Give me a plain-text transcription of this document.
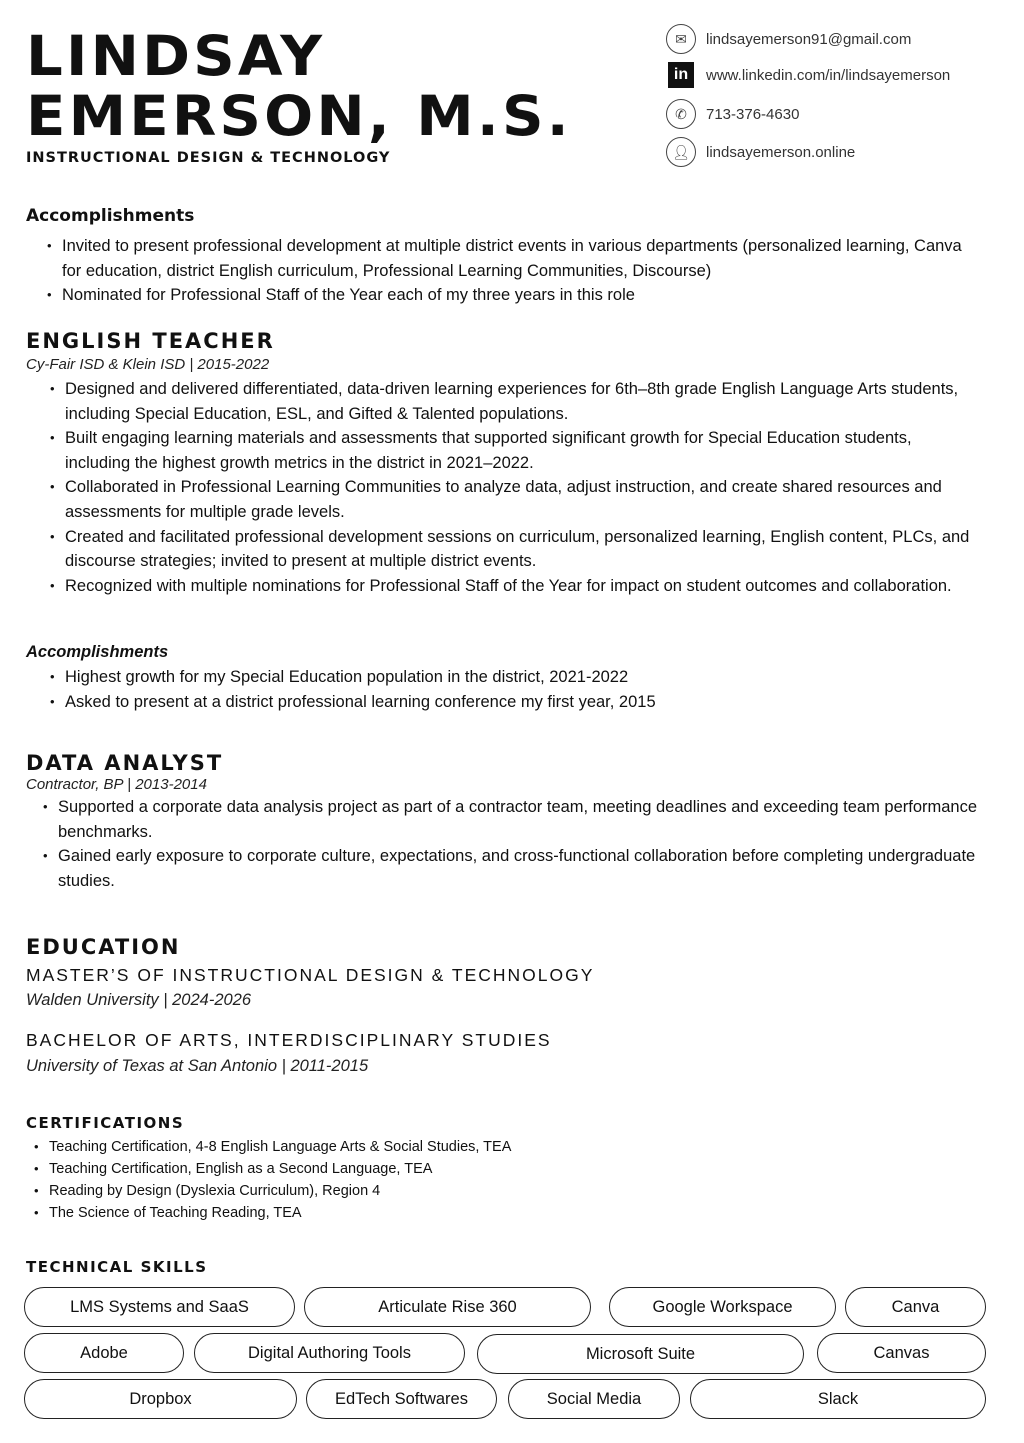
LINDSAY
EMERSON, M.S.
INSTRUCTIONAL DESIGN & TECHNOLOGY
✉	lindsayemerson91@gmail.com
in	www.linkedin.com/in/lindsayemerson
✆	713-376-4630
👤︎	lindsayemerson.online
Accomplishments
• Invited to present professional development at multiple district events in various departments (personalized learning, Canva for education, district English curriculum, Professional Learning Communities, Discourse)
• Nominated for Professional Staff of the Year each of my three years in this role
ENGLISH TEACHER
Cy-Fair ISD & Klein ISD | 2015-2022
• Designed and delivered differentiated, data-driven learning experiences for 6th–8th grade English Language Arts students, including Special Education, ESL, and Gifted & Talented populations.
• Built engaging learning materials and assessments that supported significant growth for Special Education students, including the highest growth metrics in the district in 2021–2022.
• Collaborated in Professional Learning Communities to analyze data, adjust instruction, and create shared resources and assessments for multiple grade levels.
• Created and facilitated professional development sessions on curriculum, personalized learning, English content, PLCs, and discourse strategies; invited to present at multiple district events.
• Recognized with multiple nominations for Professional Staff of the Year for impact on student outcomes and collaboration.
Accomplishments
• Highest growth for my Special Education population in the district, 2021-2022
• Asked to present at a district professional learning conference my first year, 2015
DATA ANALYST
Contractor, BP | 2013-2014
• Supported a corporate data analysis project as part of a contractor team, meeting deadlines and exceeding team performance benchmarks.
• Gained early exposure to corporate culture, expectations, and cross-functional collaboration before completing undergraduate studies.
EDUCATION
MASTER’S OF INSTRUCTIONAL DESIGN & TECHNOLOGY
Walden University | 2024-2026
BACHELOR OF ARTS, INTERDISCIPLINARY STUDIES
University of Texas at San Antonio | 2011-2015
CERTIFICATIONS
• Teaching Certification, 4-8 English Language Arts & Social Studies, TEA
• Teaching Certification, English as a Second Language, TEA
• Reading by Design (Dyslexia Curriculum), Region 4
• The Science of Teaching Reading, TEA
TECHNICAL SKILLS
LMS Systems and SaaS	Articulate Rise 360	Google Workspace	Canva
Adobe	Digital Authoring Tools	Microsoft Suite	Canvas
Dropbox	EdTech Softwares	Social Media	Slack
